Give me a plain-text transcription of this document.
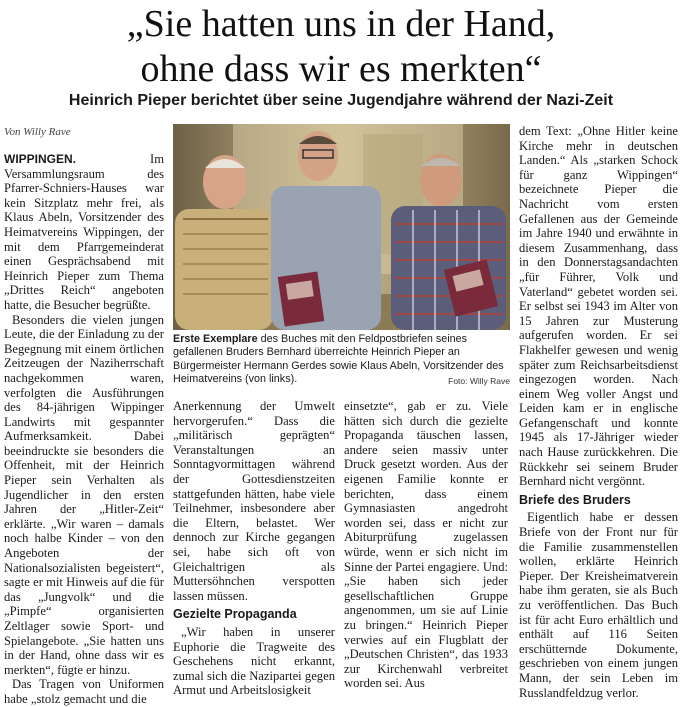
„Sie hatten uns in der Hand,
ohne dass wir es merkten“
Heinrich Pieper berichtet über seine Jugendjahre während der Nazi-Zeit
Von Willy Rave

WIPPINGEN.	Im Versammlungsraum des Pfarrer-Schniers-Hauses war kein Sitzplatz mehr frei, als Klaus Abeln, Vorsitzender des Heimatvereins Wippingen, der mit dem Pfarrgemeinderat einen Gesprächsabend mit Heinrich Pieper zum Thema „Drittes Reich“ angeboten hatte, die Besucher begrüßte.

Besonders die vielen jungen Leute, die der Einladung zu der Begegnung mit einem örtlichen Zeitzeugen der Naziherrschaft nachgekommen waren, verfolgten die Ausführungen des 84-jährigen Wippinger Landwirts mit gespannter Aufmerksamkeit. Dabei beeindruckte sie besonders die Offenheit, mit der Heinrich Pieper sein Verhalten als Jugendlicher in den ersten Jahren der „Hitler-Zeit“ erklärte. „Wir waren – damals noch halbe Kinder – von den Angeboten der Nationalsozialisten begeistert“, sagte er mit Hinweis auf die für das „Jungvolk“ und die „Pimpfe“ organisierten Zeltlager sowie Sport- und Spielangebote. „Sie hatten uns in der Hand, ohne dass wir es merkten“, fügte er hinzu.

Das Tragen von Uniformen habe „stolz gemacht und die

Erste Exemplare des Buches mit den Feldpostbriefen seines gefallenen Bruders Bernhard überreichte Heinrich Pieper an Bürgermeister Hermann Gerdes sowie Klaus Abeln, Vorsitzender des Heimatvereins (von links).	Foto: Willy Rave

Anerkennung der Umwelt hervorgerufen.“ Dass die „militärisch geprägten“ Veranstaltungen an Sonntagvormittagen während der Gottesdienstzeiten stattgefunden hätten, habe viele Teilnehmer, insbesondere aber die Eltern, belastet. Wer dennoch zur Kirche gegangen sei, habe sich oft von Gleichaltrigen als Muttersöhnchen verspotten lassen müssen.

Gezielte Propaganda

„Wir haben in unserer Euphorie die Tragweite des Geschehens nicht erkannt, zumal sich die Nazipartei gegen Armut und Arbeitslosigkeit

einsetzte“, gab er zu. Viele hätten sich durch die gezielte Propaganda täuschen lassen, andere seien massiv unter Druck gesetzt worden. Aus der eigenen Familie konnte er berichten, dass einem Gymnasiasten angedroht worden sei, dass er nicht zur Abiturprüfung zugelassen würde, wenn er sich nicht im Sinne der Partei engagiere. Und: „Sie haben sich jeder gesellschaftlichen Gruppe angenommen, um sie auf Linie zu bringen.“ Heinrich Pieper verwies auf ein Flugblatt der „Deutschen Christen“, das 1933 zur Kirchenwahl verbreitet worden sei. Aus

dem Text: „Ohne Hitler keine Kirche mehr in deutschen Landen.“ Als „starken Schock für ganz Wippingen“ bezeichnete Pieper die Nachricht vom ersten Gefallenen aus der Gemeinde im Jahre 1940 und erwähnte in diesem Zusammenhang, dass in den Donnerstagsandachten „für Führer, Volk und Vaterland“ gebetet worden sei. Er selbst sei 1943 im Alter von 15 Jahren zur Musterung aufgerufen worden. Er sei Flakhelfer gewesen und wenig später zum Reichsarbeitsdienst eingezogen worden. Nach einem Weg voller Angst und Leiden kam er in englische Gefangenschaft und konnte 1945 als 17-Jähriger wieder nach Hause zurückkehren. Die Rückkehr sei seinem Bruder Bernhard nicht vergönnt.

Briefe des Bruders

Eigentlich habe er dessen Briefe von der Front nur für die Familie zusammenstellen wollen, erklärte Heinrich Pieper. Der Kreisheimatverein habe ihm geraten, sie als Buch zu veröffentlichen. Das Buch ist für acht Euro erhältlich und enthält auf 116 Seiten erschütternde Dokumente, geschrieben von einem jungen Mann, der sein Leben im Russlandfeldzug verlor.
